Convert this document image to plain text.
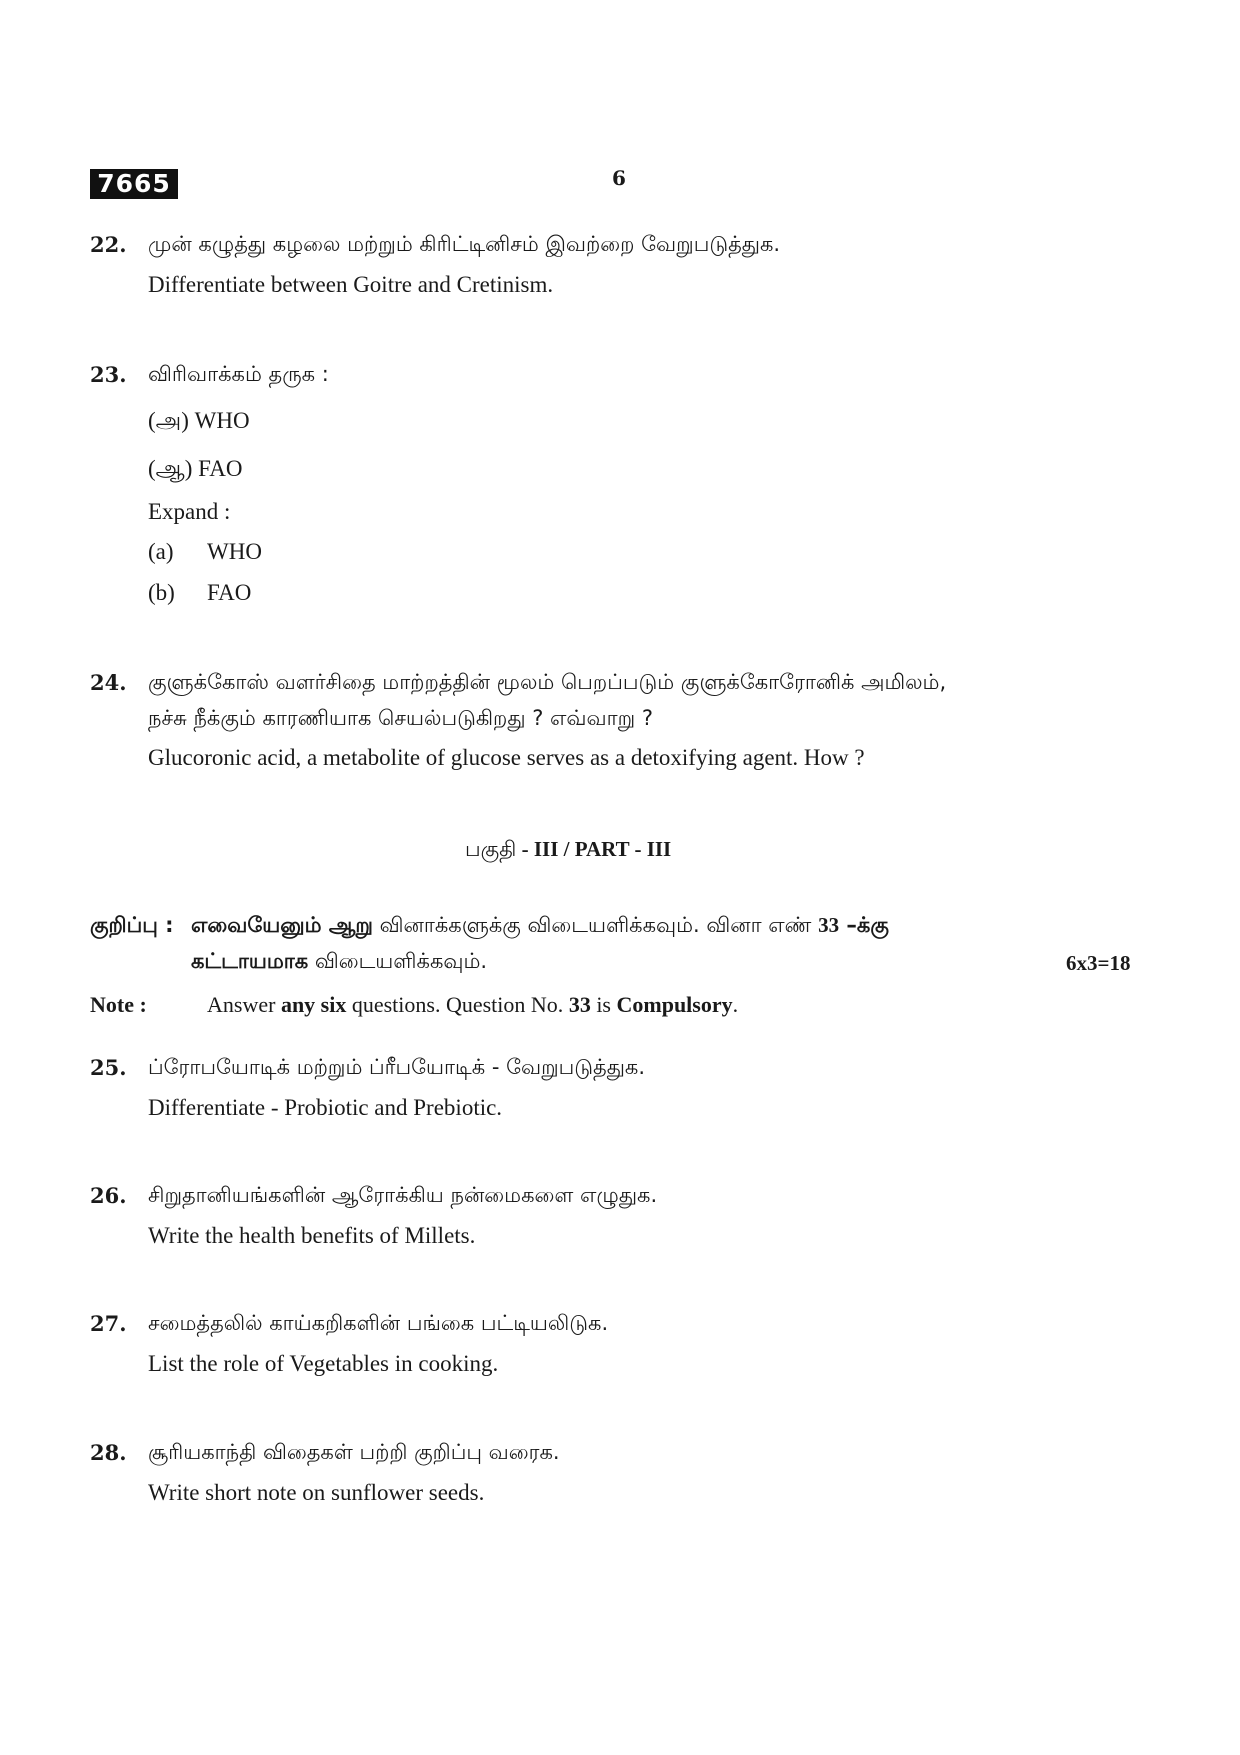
7665	6
22. முன் கழுத்து கழலை மற்றும் கிரிட்டினிசம் இவற்றை வேறுபடுத்துக.
Differentiate between Goitre and Cretinism.
23. விரிவாக்கம் தருக :
(அ) WHO
(ஆ) FAO
Expand :
(a) WHO
(b) FAO
24. குளுக்கோஸ் வளர்சிதை மாற்றத்தின் மூலம் பெறப்படும் குளுக்கோரோனிக் அமிலம்,
நச்சு நீக்கும் காரணியாக செயல்படுகிறது ? எவ்வாறு ?
Glucoronic acid, a metabolite of glucose serves as a detoxifying agent. How ?
பகுதி - III / PART - III
குறிப்பு : எவையேனும் ஆறு வினாக்களுக்கு விடையளிக்கவும். வினா எண் 33 –க்கு
கட்டாயமாக விடையளிக்கவும்.	6x3=18
Note :	Answer any six questions. Question No. 33 is Compulsory.
25. ப்ரோபயோடிக் மற்றும் ப்ரீபயோடிக் - வேறுபடுத்துக.
Differentiate - Probiotic and Prebiotic.
26. சிறுதானியங்களின் ஆரோக்கிய நன்மைகளை எழுதுக.
Write the health benefits of Millets.
27. சமைத்தலில் காய்கறிகளின் பங்கை பட்டியலிடுக.
List the role of Vegetables in cooking.
28. சூரியகாந்தி விதைகள் பற்றி குறிப்பு வரைக.
Write short note on sunflower seeds.
